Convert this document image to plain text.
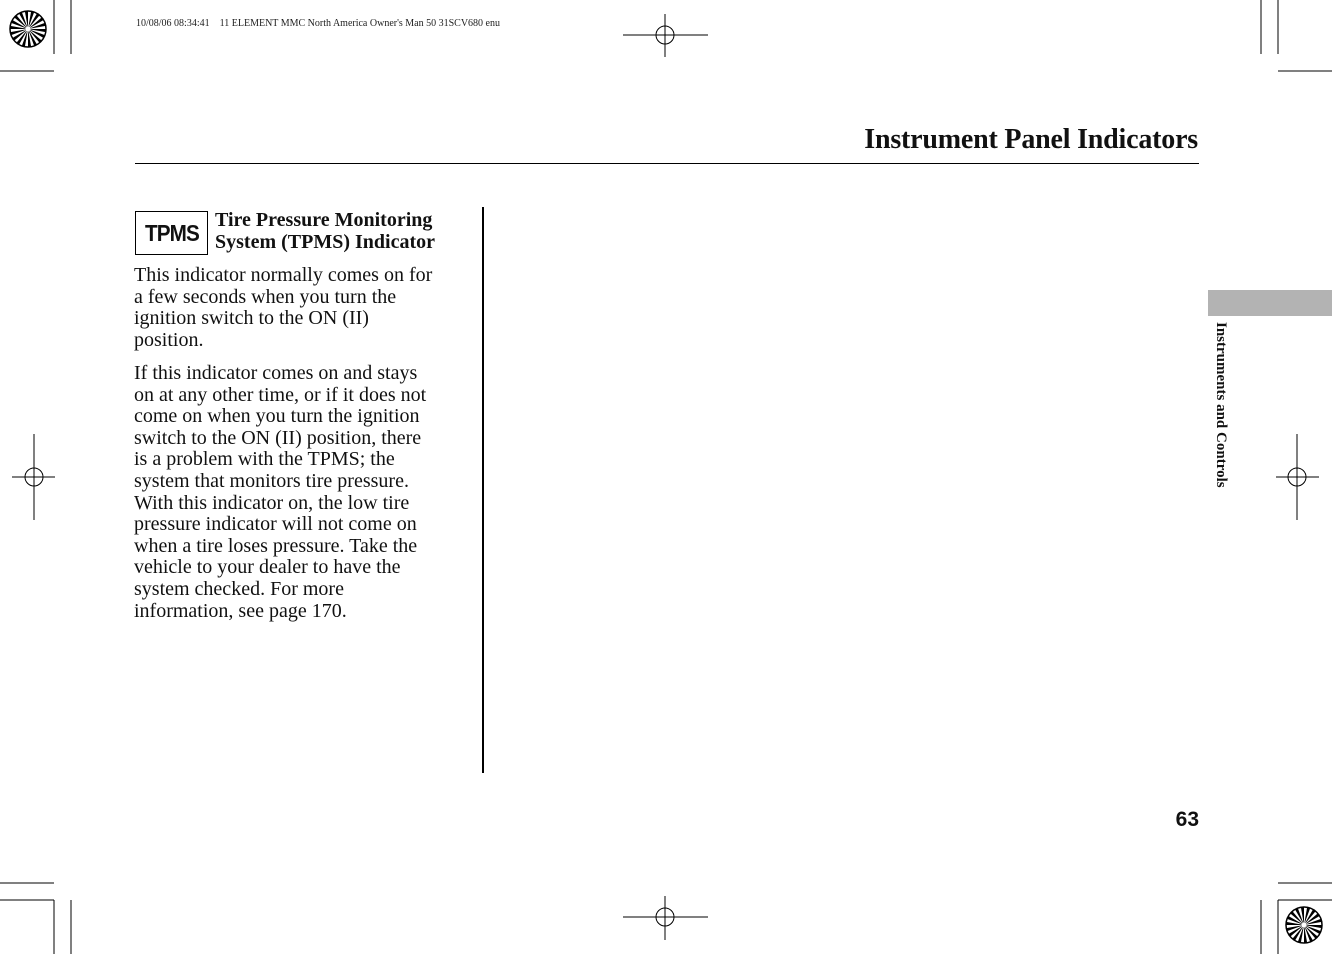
10/08/06 08:34:41    11 ELEMENT MMC North America Owner's Man 50 31SCV680 enu
Instrument Panel Indicators
TPMS Tire Pressure Monitoring
System (TPMS) Indicator
This indicator normally comes on for
a few seconds when you turn the
ignition switch to the ON (II)
position.
If this indicator comes on and stays
on at any other time, or if it does not
come on when you turn the ignition
switch to the ON (II) position, there
is a problem with the TPMS; the
system that monitors tire pressure.
With this indicator on, the low tire
pressure indicator will not come on
when a tire loses pressure. Take the
vehicle to your dealer to have the
system checked. For more
information, see page 170.
Instruments and Controls
63
